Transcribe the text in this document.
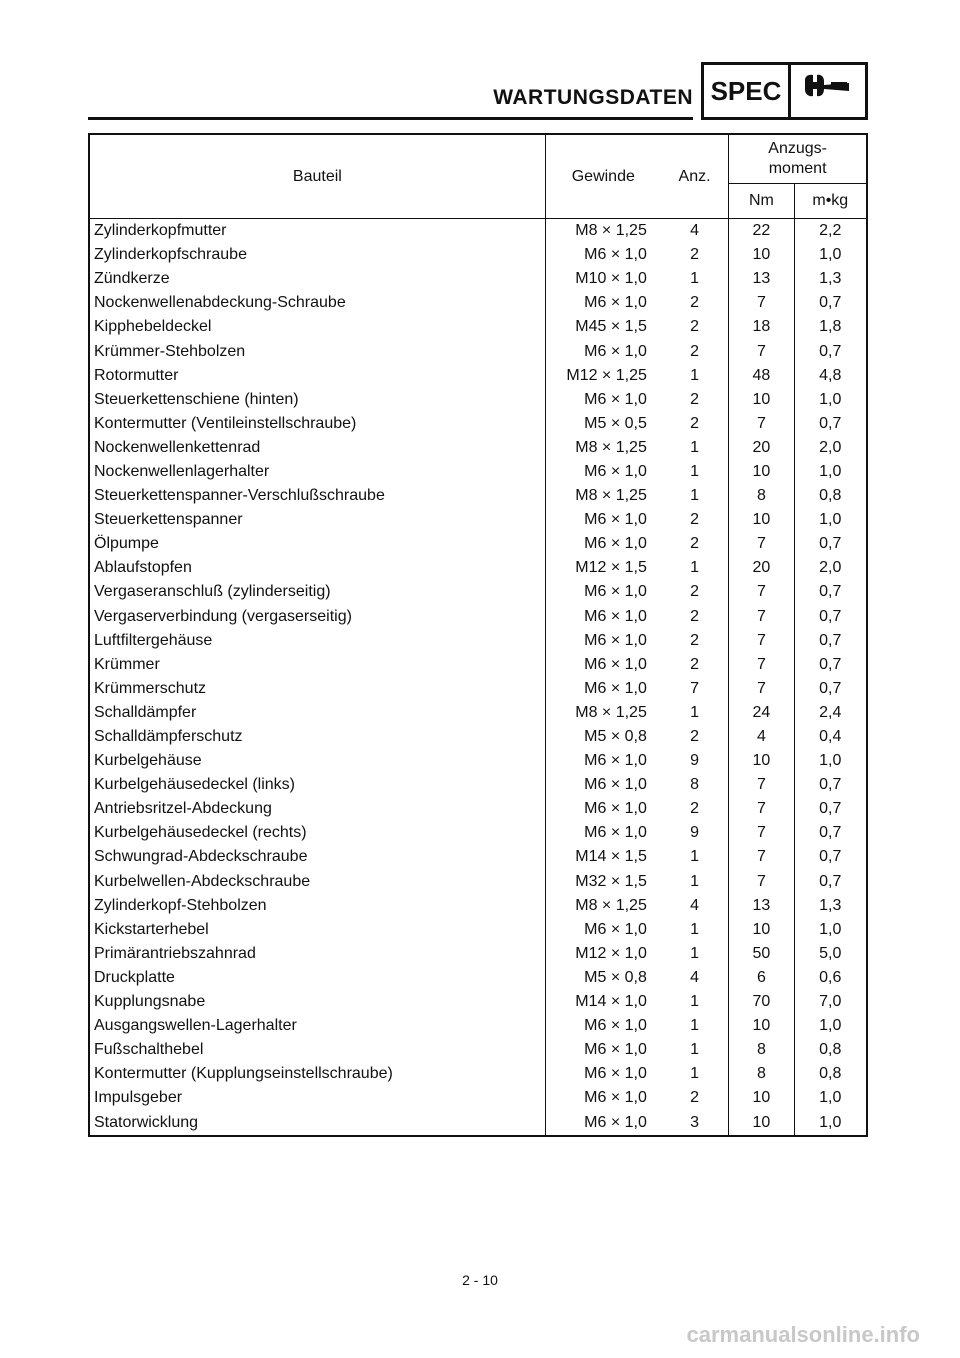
WARTUNGSDATEN SPEC
Bauteil	Gewinde	Anz.	Anzugs-
moment	
			Nm	m•kg
Zylinderkopfmutter	M8 × 1,25	4	22	2,2
Zylinderkopfschraube	M6 × 1,0	2	10	1,0
Zündkerze	M10 × 1,0	1	13	1,3
Nockenwellenabdeckung-Schraube	M6 × 1,0	2	7	0,7
Kipphebeldeckel	M45 × 1,5	2	18	1,8
Krümmer-Stehbolzen	M6 × 1,0	2	7	0,7
Rotormutter	M12 × 1,25	1	48	4,8
Steuerkettenschiene (hinten)	M6 × 1,0	2	10	1,0
Kontermutter (Ventileinstellschraube)	M5 × 0,5	2	7	0,7
Nockenwellenkettenrad	M8 × 1,25	1	20	2,0
Nockenwellenlagerhalter	M6 × 1,0	1	10	1,0
Steuerkettenspanner-Verschlußschraube	M8 × 1,25	1	8	0,8
Steuerkettenspanner	M6 × 1,0	2	10	1,0
Ölpumpe	M6 × 1,0	2	7	0,7
Ablaufstopfen	M12 × 1,5	1	20	2,0
Vergaseranschluß (zylinderseitig)	M6 × 1,0	2	7	0,7
Vergaserverbindung (vergaserseitig)	M6 × 1,0	2	7	0,7
Luftfiltergehäuse	M6 × 1,0	2	7	0,7
Krümmer	M6 × 1,0	2	7	0,7
Krümmerschutz	M6 × 1,0	7	7	0,7
Schalldämpfer	M8 × 1,25	1	24	2,4
Schalldämpferschutz	M5 × 0,8	2	4	0,4
Kurbelgehäuse	M6 × 1,0	9	10	1,0
Kurbelgehäusedeckel (links)	M6 × 1,0	8	7	0,7
Antriebsritzel-Abdeckung	M6 × 1,0	2	7	0,7
Kurbelgehäusedeckel (rechts)	M6 × 1,0	9	7	0,7
Schwungrad-Abdeckschraube	M14 × 1,5	1	7	0,7
Kurbelwellen-Abdeckschraube	M32 × 1,5	1	7	0,7
Zylinderkopf-Stehbolzen	M8 × 1,25	4	13	1,3
Kickstarterhebel	M6 × 1,0	1	10	1,0
Primärantriebszahnrad	M12 × 1,0	1	50	5,0
Druckplatte	M5 × 0,8	4	6	0,6
Kupplungsnabe	M14 × 1,0	1	70	7,0
Ausgangswellen-Lagerhalter	M6 × 1,0	1	10	1,0
Fußschalthebel	M6 × 1,0	1	8	0,8
Kontermutter (Kupplungseinstellschraube)	M6 × 1,0	1	8	0,8
Impulsgeber	M6 × 1,0	2	10	1,0
Statorwicklung	M6 × 1,0	3	10	1,0
2 - 10
carmanualsonline.info
